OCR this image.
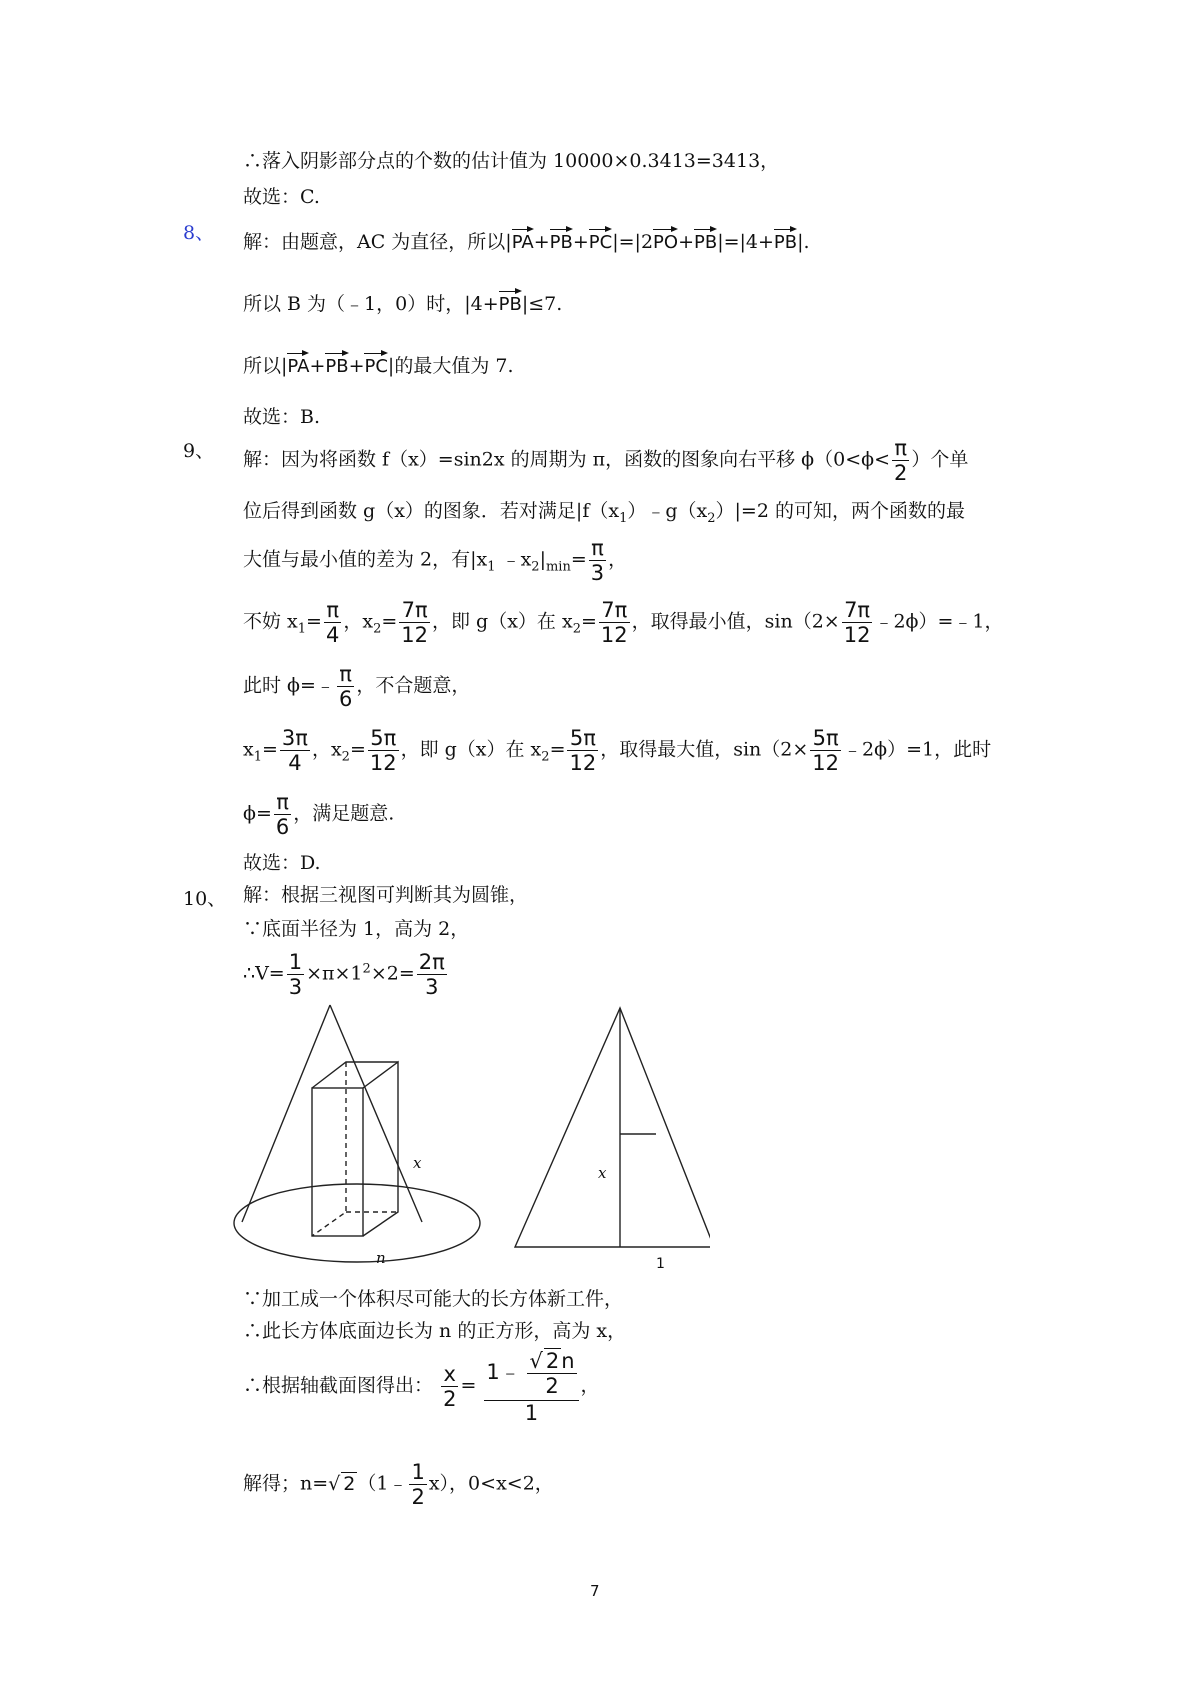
∴落入阴影部分点的个数的估计值为 10000×0.3413=3413，
故选：C.
8、 解：由题意，AC 为直径，所以|PA+PB+PC|=|2PO+PB|=|4+PB|.
所以 B 为（﹣1，0）时，|4+PB|≤7.
所以|PA+PB+PC|的最大值为 7.
故选：B.
9、 解：因为将函数 f（x）=sin2x 的周期为 π，函数的图象向右平移 $\phi(0<\phi< \frac{\pi}{2}$ ）个单
位后得到函数 g（x）的图象．若对满足$|f(x_1)﹣g(x_2)|=2$ 的可知，两个函数的最
大值与最小值的差为 2，有$|x_1$ $﹣x_2|_{min}= \frac{\pi}{3}$ ，
不妨 $x_1= \frac{\pi}{4}$ ，$x_2= \frac{7\pi}{12}$ ，即 g（x）在 $x_2= \frac{7\pi}{12}$ ，取得最小值，$\sin(2\times \frac{7\pi}{12}$ ﹣2ϕ）=﹣1，
此时 ϕ=﹣ $\frac{\pi}{6}$ ，不合题意，
$x_1= \frac{3\pi}{4}$ ，$x_2= \frac{5\pi}{12}$ ，即 g（x）在 $x_2= \frac{5\pi}{12}$ ，取得最大值，$\sin(2\times \frac{5\pi}{12}$ ﹣2ϕ）=1，此时
$\phi= \frac{\pi}{6}$ ，满足题意.
故选：D.
10、 解：根据三视图可判断其为圆锥，
∵底面半径为 1，高为 2，
∴V= $\frac{1}{3} \times\pi\times 1^2\times 2= \frac{2\pi}{3}$
x
n
x
1
∵加工成一个体积尽可能大的长方体新工件，
∴此长方体底面边长为 n 的正方形，高为 x，
∴根据轴截面图得出： $\frac{x}{2} = \frac{1﹣ \frac{√ 2n}{2}}{1}$ ，
解得；n=√ 2 （1﹣ $\frac{1}{2} x$），0<x<2，
7
